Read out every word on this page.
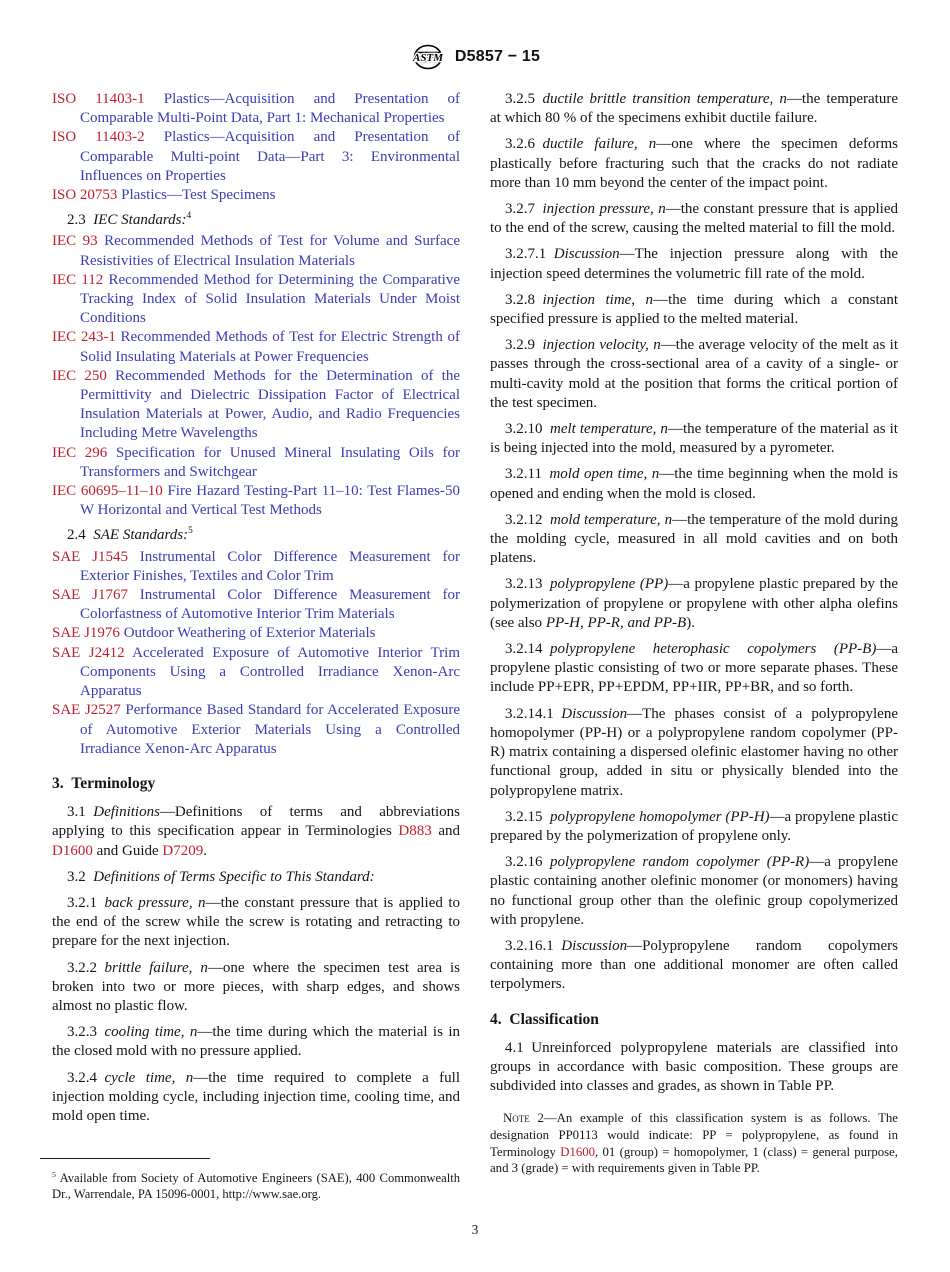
ASTM D5857 − 15
ISO 11403-1 Plastics—Acquisition and Presentation of Comparable Multi-Point Data, Part 1: Mechanical Properties
ISO 11403-2 Plastics—Acquisition and Presentation of Comparable Multi-point Data—Part 3: Environmental Influences on Properties
ISO 20753 Plastics—Test Specimens
2.3 IEC Standards:$^4$
IEC 93 Recommended Methods of Test for Volume and Surface Resistivities of Electrical Insulation Materials
IEC 112 Recommended Method for Determining the Comparative Tracking Index of Solid Insulation Materials Under Moist Conditions
IEC 243-1 Recommended Methods of Test for Electric Strength of Solid Insulating Materials at Power Frequencies
IEC 250 Recommended Methods for the Determination of the Permittivity and Dielectric Dissipation Factor of Electrical Insulation Materials at Power, Audio, and Radio Frequencies Including Metre Wavelengths
IEC 296 Specification for Unused Mineral Insulating Oils for Transformers and Switchgear
IEC 60695–11–10 Fire Hazard Testing-Part 11–10: Test Flames-50 W Horizontal and Vertical Test Methods
2.4 SAE Standards:$^5$
SAE J1545 Instrumental Color Difference Measurement for Exterior Finishes, Textiles and Color Trim
SAE J1767 Instrumental Color Difference Measurement for Colorfastness of Automotive Interior Trim Materials
SAE J1976 Outdoor Weathering of Exterior Materials
SAE J2412 Accelerated Exposure of Automotive Interior Trim Components Using a Controlled Irradiance Xenon-Arc Apparatus
SAE J2527 Performance Based Standard for Accelerated Exposure of Automotive Exterior Materials Using a Controlled Irradiance Xenon-Arc Apparatus
3. Terminology
3.1 Definitions—Definitions of terms and abbreviations applying to this specification appear in Terminologies D883 and D1600 and Guide D7209.
3.2 Definitions of Terms Specific to This Standard:
3.2.1 back pressure, n—the constant pressure that is applied to the end of the screw while the screw is rotating and retracting to prepare for the next injection.
3.2.2 brittle failure, n—one where the specimen test area is broken into two or more pieces, with sharp edges, and shows almost no plastic flow.
3.2.3 cooling time, n—the time during which the material is in the closed mold with no pressure applied.
3.2.4 cycle time, n—the time required to complete a full injection molding cycle, including injection time, cooling time, and mold open time.
$^5$ Available from Society of Automotive Engineers (SAE), 400 Commonwealth Dr., Warrendale, PA 15096-0001, http://www.sae.org.
3.2.5 ductile brittle transition temperature, n—the temperature at which 80 % of the specimens exhibit ductile failure.
3.2.6 ductile failure, n—one where the specimen deforms plastically before fracturing such that the cracks do not radiate more than 10 mm beyond the center of the impact point.
3.2.7 injection pressure, n—the constant pressure that is applied to the end of the screw, causing the melted material to fill the mold.
3.2.7.1 Discussion—The injection pressure along with the injection speed determines the volumetric fill rate of the mold.
3.2.8 injection time, n—the time during which a constant specified pressure is applied to the melted material.
3.2.9 injection velocity, n—the average velocity of the melt as it passes through the cross-sectional area of a cavity of a single- or multi-cavity mold at the position that forms the critical portion of the test specimen.
3.2.10 melt temperature, n—the temperature of the material as it is being injected into the mold, measured by a pyrometer.
3.2.11 mold open time, n—the time beginning when the mold is opened and ending when the mold is closed.
3.2.12 mold temperature, n—the temperature of the mold during the molding cycle, measured in all mold cavities and on both platens.
3.2.13 polypropylene (PP)—a propylene plastic prepared by the polymerization of propylene or propylene with other alpha olefins (see also PP-H, PP-R, and PP-B).
3.2.14 polypropylene heterophasic copolymers (PP-B)—a propylene plastic consisting of two or more separate phases. These include PP+EPR, PP+EPDM, PP+IIR, PP+BR, and so forth.
3.2.14.1 Discussion—The phases consist of a polypropylene homopolymer (PP-H) or a polypropylene random copolymer (PP-R) matrix containing a dispersed olefinic elastomer having no other functional group, added in situ or physically blended into the polypropylene matrix.
3.2.15 polypropylene homopolymer (PP-H)—a propylene plastic prepared by the polymerization of propylene only.
3.2.16 polypropylene random copolymer (PP-R)—a propylene plastic containing another olefinic monomer (or monomers) having no functional group other than the olefinic group copolymerized with propylene.
3.2.16.1 Discussion—Polypropylene random copolymers containing more than one additional monomer are often called terpolymers.
4. Classification
4.1 Unreinforced polypropylene materials are classified into groups in accordance with basic composition. These groups are subdivided into classes and grades, as shown in Table PP.
Note 2—An example of this classification system is as follows. The designation PP0113 would indicate: PP = polypropylene, as found in Terminology D1600, 01 (group) = homopolymer, 1 (class) = general purpose, and 3 (grade) = with requirements given in Table PP.
3
